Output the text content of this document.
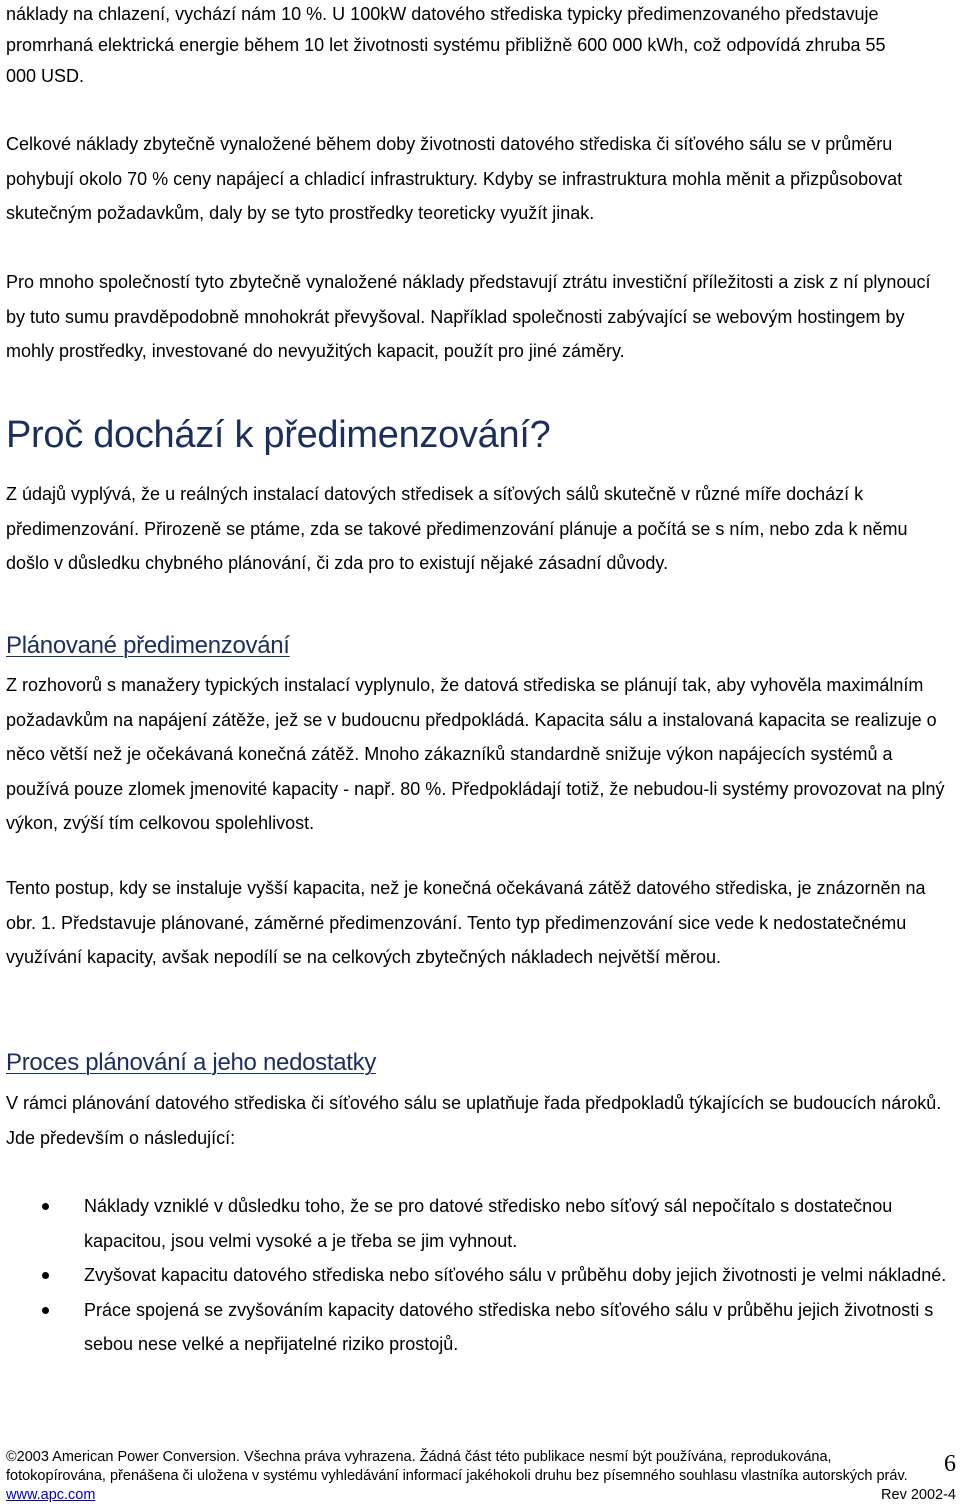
náklady na chlazení, vychází nám 10 %. U 100kW datového střediska typicky předimenzovaného představuje promrhaná elektrická energie během 10 let životnosti systému přibližně 600 000 kWh, což odpovídá zhruba 55 000 USD.

Celkové náklady zbytečně vynaložené během doby životnosti datového střediska či síťového sálu se v průměru pohybují okolo 70 % ceny napájecí a chladicí infrastruktury. Kdyby se infrastruktura mohla měnit a přizpůsobovat skutečným požadavkům, daly by se tyto prostředky teoreticky využít jinak.

Pro mnoho společností tyto zbytečně vynaložené náklady představují ztrátu investiční příležitosti a zisk z ní plynoucí by tuto sumu pravděpodobně mnohokrát převyšoval. Například společnosti zabývající se webovým hostingem by mohly prostředky, investované do nevyužitých kapacit, použít pro jiné záměry.

Proč dochází k předimenzování?

Z údajů vyplývá, že u reálných instalací datových středisek a síťových sálů skutečně v různé míře dochází k předimenzování. Přirozeně se ptáme, zda se takové předimenzování plánuje a počítá se s ním, nebo zda k němu došlo v důsledku chybného plánování, či zda pro to existují nějaké zásadní důvody.

Plánované předimenzování

Z rozhovorů s manažery typických instalací vyplynulo, že datová střediska se plánují tak, aby vyhověla maximálním požadavkům na napájení zátěže, jež se v budoucnu předpokládá. Kapacita sálu a instalovaná kapacita se realizuje o něco větší než je očekávaná konečná zátěž. Mnoho zákazníků standardně snižuje výkon napájecích systémů a používá pouze zlomek jmenovité kapacity - např. 80 %. Předpokládají totiž, že nebudou-li systémy provozovat na plný výkon, zvýší tím celkovou spolehlivost.

Tento postup, kdy se instaluje vyšší kapacita, než je konečná očekávaná zátěž datového střediska, je znázorněn na obr. 1. Představuje plánované, záměrné předimenzování. Tento typ předimenzování sice vede k nedostatečnému využívání kapacity, avšak nepodílí se na celkových zbytečných nákladech největší měrou.

Proces plánování a jeho nedostatky

V rámci plánování datového střediska či síťového sálu se uplatňuje řada předpokladů týkajících se budoucích nároků. Jde především o následující:

Náklady vzniklé v důsledku toho, že se pro datové středisko nebo síťový sál nepočítalo s dostatečnou kapacitou, jsou velmi vysoké a je třeba se jim vyhnout.
Zvyšovat kapacitu datového střediska nebo síťového sálu v průběhu doby jejich životnosti je velmi nákladné.
Práce spojená se zvyšováním kapacity datového střediska nebo síťového sálu v průběhu jejich životnosti s sebou nese velké a nepřijatelné riziko prostojů.
©2003 American Power Conversion. Všechna práva vyhrazena. Žádná část této publikace nesmí být používána, reprodukována,
fotokopírována, přenášena či uložena v systému vyhledávání informací jakéhokoli druhu bez písemného souhlasu vlastníka autorských práv.
www.apc.com
6
Rev 2002-4
